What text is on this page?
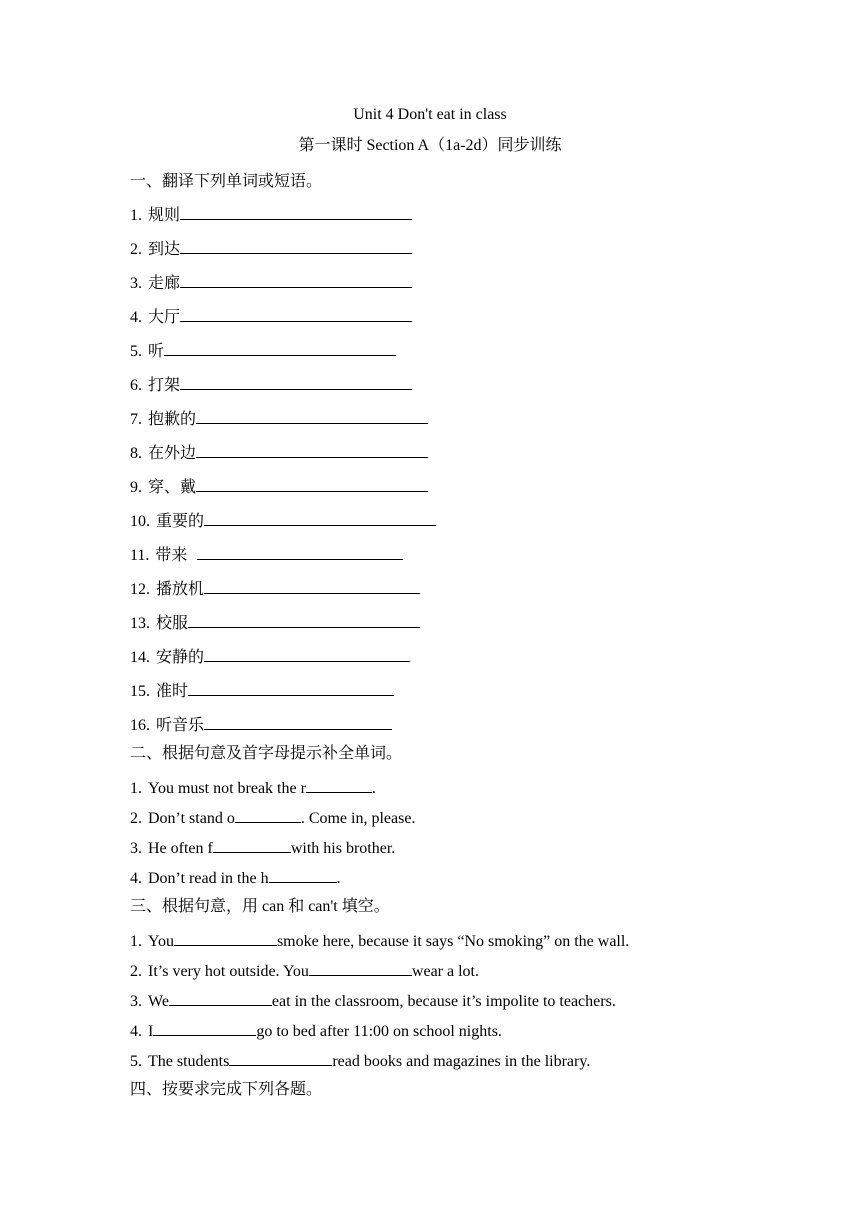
Unit 4 Don't eat in class
第一课时 Section A（1a-2d）同步训练
一、翻译下列单词或短语。
1. 规则
2. 到达
3. 走廊
4. 大厅
5. 听
6. 打架
7. 抱歉的
8. 在外边
9. 穿、戴
10. 重要的
11. 带来
12. 播放机
13. 校服
14. 安静的
15. 准时
16. 听音乐
二、根据句意及首字母提示补全单词。
1. You must not break the r	.
2. Don’t stand o	. Come in, please.
3. He often f	with his brother.
4. Don’t read in the h	.
三、根据句意，用 can 和 can't 填空。
1. You	smoke here, because it says “No smoking” on the wall.
2. It’s very hot outside. You	wear a lot.
3. We	eat in the classroom, because it’s impolite to teachers.
4. I	go to bed after 11:00 on school nights.
5. The students	read books and magazines in the library.
四、按要求完成下列各题。
